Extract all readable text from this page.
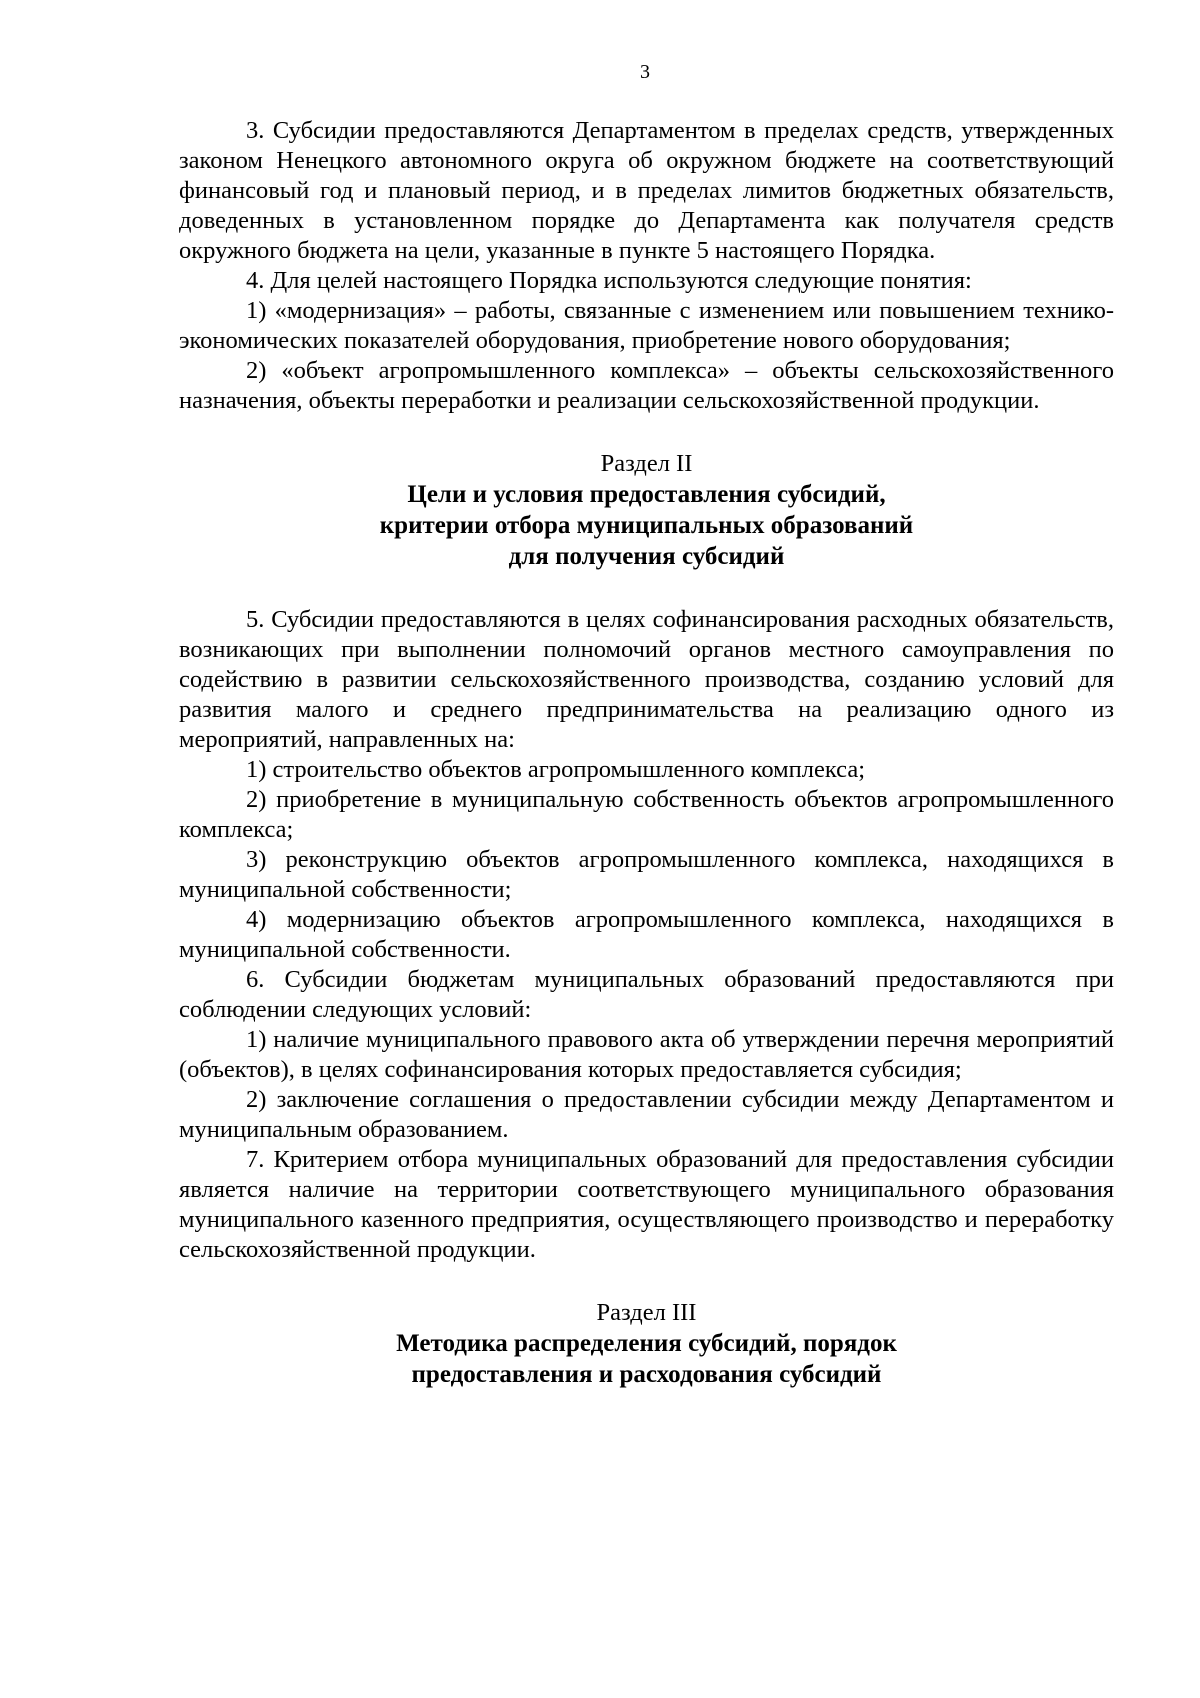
3

3. Субсидии предоставляются Департаментом в пределах средств, утвержденных законом Ненецкого автономного округа об окружном бюджете на соответствующий финансовый год и плановый период, и в пределах лимитов бюджетных обязательств, доведенных в установленном порядке до Департамента как получателя средств окружного бюджета на цели, указанные в пункте 5 настоящего Порядка.

4. Для целей настоящего Порядка используются следующие понятия:

1) «модернизация» – работы, связанные с изменением или повышением технико-экономических показателей оборудования, приобретение нового оборудования;

2) «объект агропромышленного комплекса» – объекты сельскохозяйственного назначения, объекты переработки и реализации сельскохозяйственной продукции.

Раздел II

Цели и условия предоставления субсидий,
критерии отбора муниципальных образований
для получения субсидий

5. Субсидии предоставляются в целях софинансирования расходных обязательств, возникающих при выполнении полномочий органов местного самоуправления по содействию в развитии сельскохозяйственного производства, созданию условий для развития малого и среднего предпринимательства на реализацию одного из мероприятий, направленных на:

1) строительство объектов агропромышленного комплекса;

2) приобретение в муниципальную собственность объектов агропромышленного комплекса;

3) реконструкцию объектов агропромышленного комплекса, находящихся в муниципальной собственности;

4) модернизацию объектов агропромышленного комплекса, находящихся в муниципальной собственности.

6. Субсидии бюджетам муниципальных образований предоставляются при соблюдении следующих условий:

1) наличие муниципального правового акта об утверждении перечня мероприятий (объектов), в целях софинансирования которых предоставляется субсидия;

2) заключение соглашения о предоставлении субсидии между Департаментом и муниципальным образованием.

7. Критерием отбора муниципальных образований для предоставления субсидии является наличие на территории соответствующего муниципального образования муниципального казенного предприятия, осуществляющего производство и переработку сельскохозяйственной продукции.

Раздел III

Методика распределения субсидий, порядок
предоставления и расходования субсидий
